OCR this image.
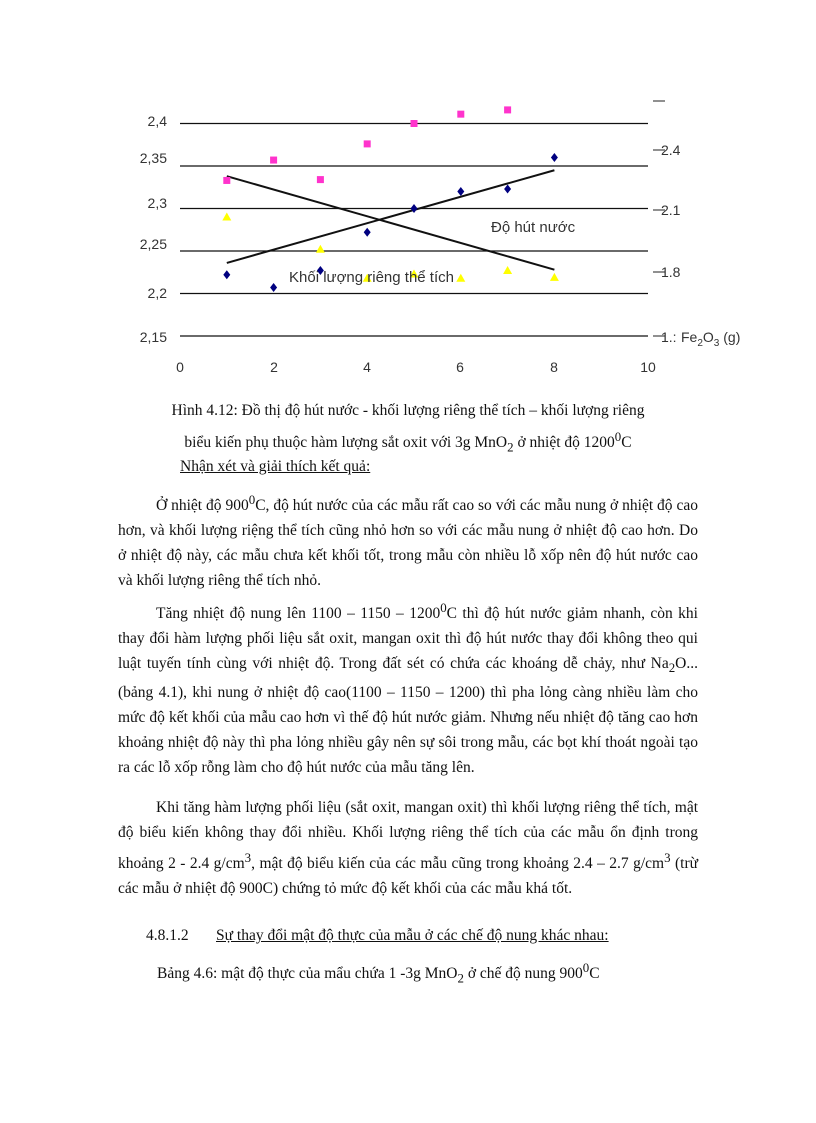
2,15
2,2
2,25
2,3
2,35
2,4
0	2	4	6	8	10
2.4
2.1
1.8
1.: $Fe_2O_3$ (g)
Độ hút nước
Khối lượng riêng thể tích
Hình 4.12: Đồ thị độ hút nước - khối lượng riêng thể tích – khối lượng riêng
biểu kiến phụ thuộc hàm lượng sắt oxit với 3g MnO$_2$ ở nhiệt độ 1200$^0$C
Nhận xét và giải thích kết quả:

Ở nhiệt độ $900^0C$, độ hút nước của các mẫu rất cao so với các mẫu nung ở nhiệt độ cao hơn, và khối lượng riệng thể tích cũng nhỏ hơn so với các mẫu nung ở nhiệt độ cao hơn. Do ở nhiệt độ này, các mẫu chưa kết khối tốt, trong mẫu còn nhiều lỗ xốp nên độ hút nước cao và khối lượng riêng thể tích nhỏ.

Tăng nhiệt độ nung lên 1100 – 1150 – 1200$^0$C thì độ hút nước giảm nhanh, còn khi thay đổi hàm lượng phối liệu sắt oxit, mangan oxit thì độ hút nước thay đổi không theo qui luật tuyến tính cùng với nhiệt độ. Trong đất sét có chứa các khoáng dễ chảy, như $Na_2O$... (bảng 4.1), khi nung ở nhiệt độ cao(1100 – 1150 – 1200) thì pha lỏng càng nhiều làm cho mức độ kết khối của mẫu cao hơn vì thế độ hút nước giảm. Nhưng nếu nhiệt độ tăng cao hơn khoảng nhiệt độ này thì pha lỏng nhiều gây nên sự sôi trong mẫu, các bọt khí thoát ngoài tạo ra các lỗ xốp rỗng làm cho độ hút nước của mẫu tăng lên.

Khi tăng hàm lượng phối liệu (sắt oxit, mangan oxit) thì khối lượng riêng thể tích, mật độ biểu kiến không thay đổi nhiều. Khối lượng riêng thể tích của các mẫu ổn định trong khoảng 2 - 2.4 $g/cm^3$, mật độ biểu kiến của các mẫu cũng trong khoảng 2.4 – 2.7 $g/cm^3$ (trừ các mẫu ở nhiệt độ 900C) chứng tỏ mức độ kết khối của các mẫu khá tốt.

4.8.1.2 Sự thay đổi mật độ thực của mẫu ở các chế độ nung khác nhau:
Bảng 4.6: mật độ thực của mẩu chứa 1 -3g MnO$_2$ ở chế độ nung $900^0C$
